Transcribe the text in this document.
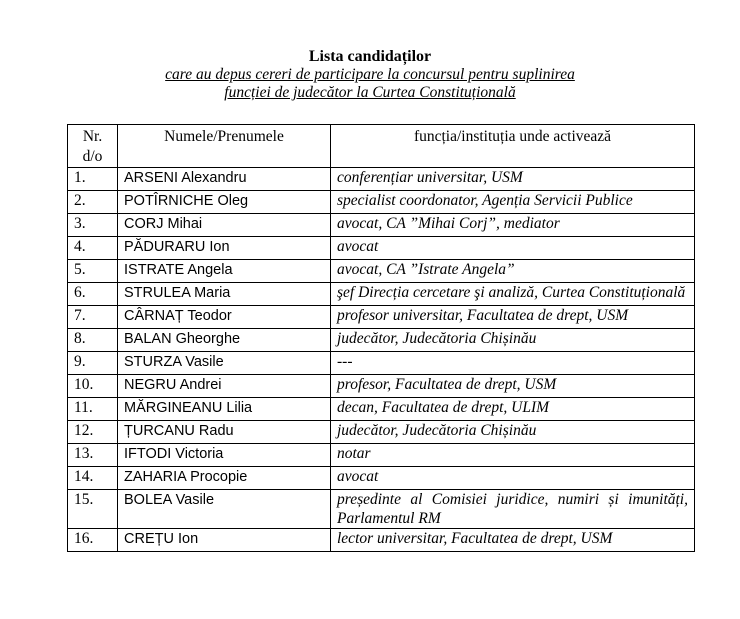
Lista candidaților

care au depus cereri de participare la concursul pentru suplinirea

funcției de judecător la Curtea Constituțională

Nr. d/o	Numele/Prenumele	funcția/instituția unde activează
1.	ARSENI Alexandru	conferențiar universitar, USM
2.	POTÎRNICHE Oleg	specialist coordonator, Agenția Servicii Publice
3.	CORJ Mihai	avocat, CA ”Mihai Corj”, mediator
4.	PĂDURARU Ion	avocat
5.	ISTRATE Angela	avocat, CA ”Istrate Angela”
6.	STRULEA Maria	şef Direcția cercetare şi analiză, Curtea Constituțională
7.	CÂRNAȚ Teodor	profesor universitar, Facultatea de drept, USM
8.	BALAN Gheorghe	judecător, Judecătoria Chișinău
9.	STURZA Vasile	---
10.	NEGRU Andrei	profesor, Facultatea de drept, USM
11.	MĂRGINEANU Lilia	decan, Facultatea de drept, ULIM
12.	ȚURCANU Radu	judecător, Judecătoria Chișinău
13.	IFTODI Victoria	notar
14.	ZAHARIA Procopie	avocat
15.	BOLEA Vasile	președinte al Comisiei juridice, numiri și imunități, Parlamentul RM
16.	CREȚU Ion	lector universitar, Facultatea de drept, USM
